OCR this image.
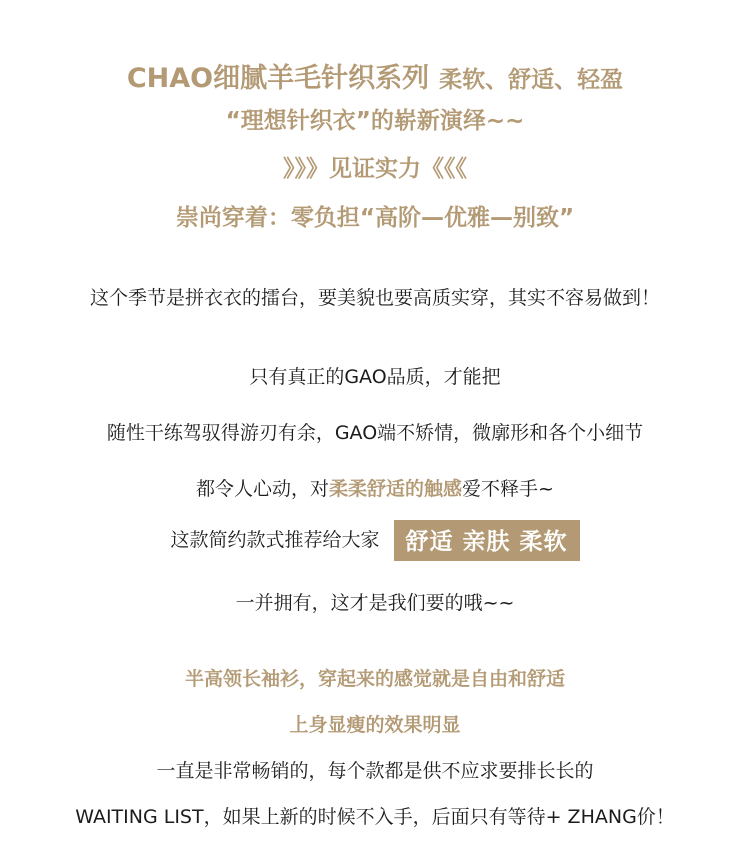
CHAO细腻羊毛针织系列 柔软、舒适、轻盈
“理想针织衣”的崭新演绎~~
》》》见证实力《《《
崇尚穿着：零负担“高阶—优雅—别致”
这个季节是拼衣衣的擂台，要美貌也要高质实穿，其实不容易做到！
只有真正的GAO品质，才能把
随性干练驾驭得游刃有余，GAO端不矫情，微廓形和各个小细节
都令人心动，对柔柔舒适的触感爱不释手~
这款简约款式推荐给大家 舒适 亲肤 柔软
一并拥有，这才是我们要的哦~~
半高领长袖衫，穿起来的感觉就是自由和舒适
上身显瘦的效果明显
一直是非常畅销的，每个款都是供不应求要排长长的
WAITING LIST，如果上新的时候不入手，后面只有等待+ ZHANG价！
